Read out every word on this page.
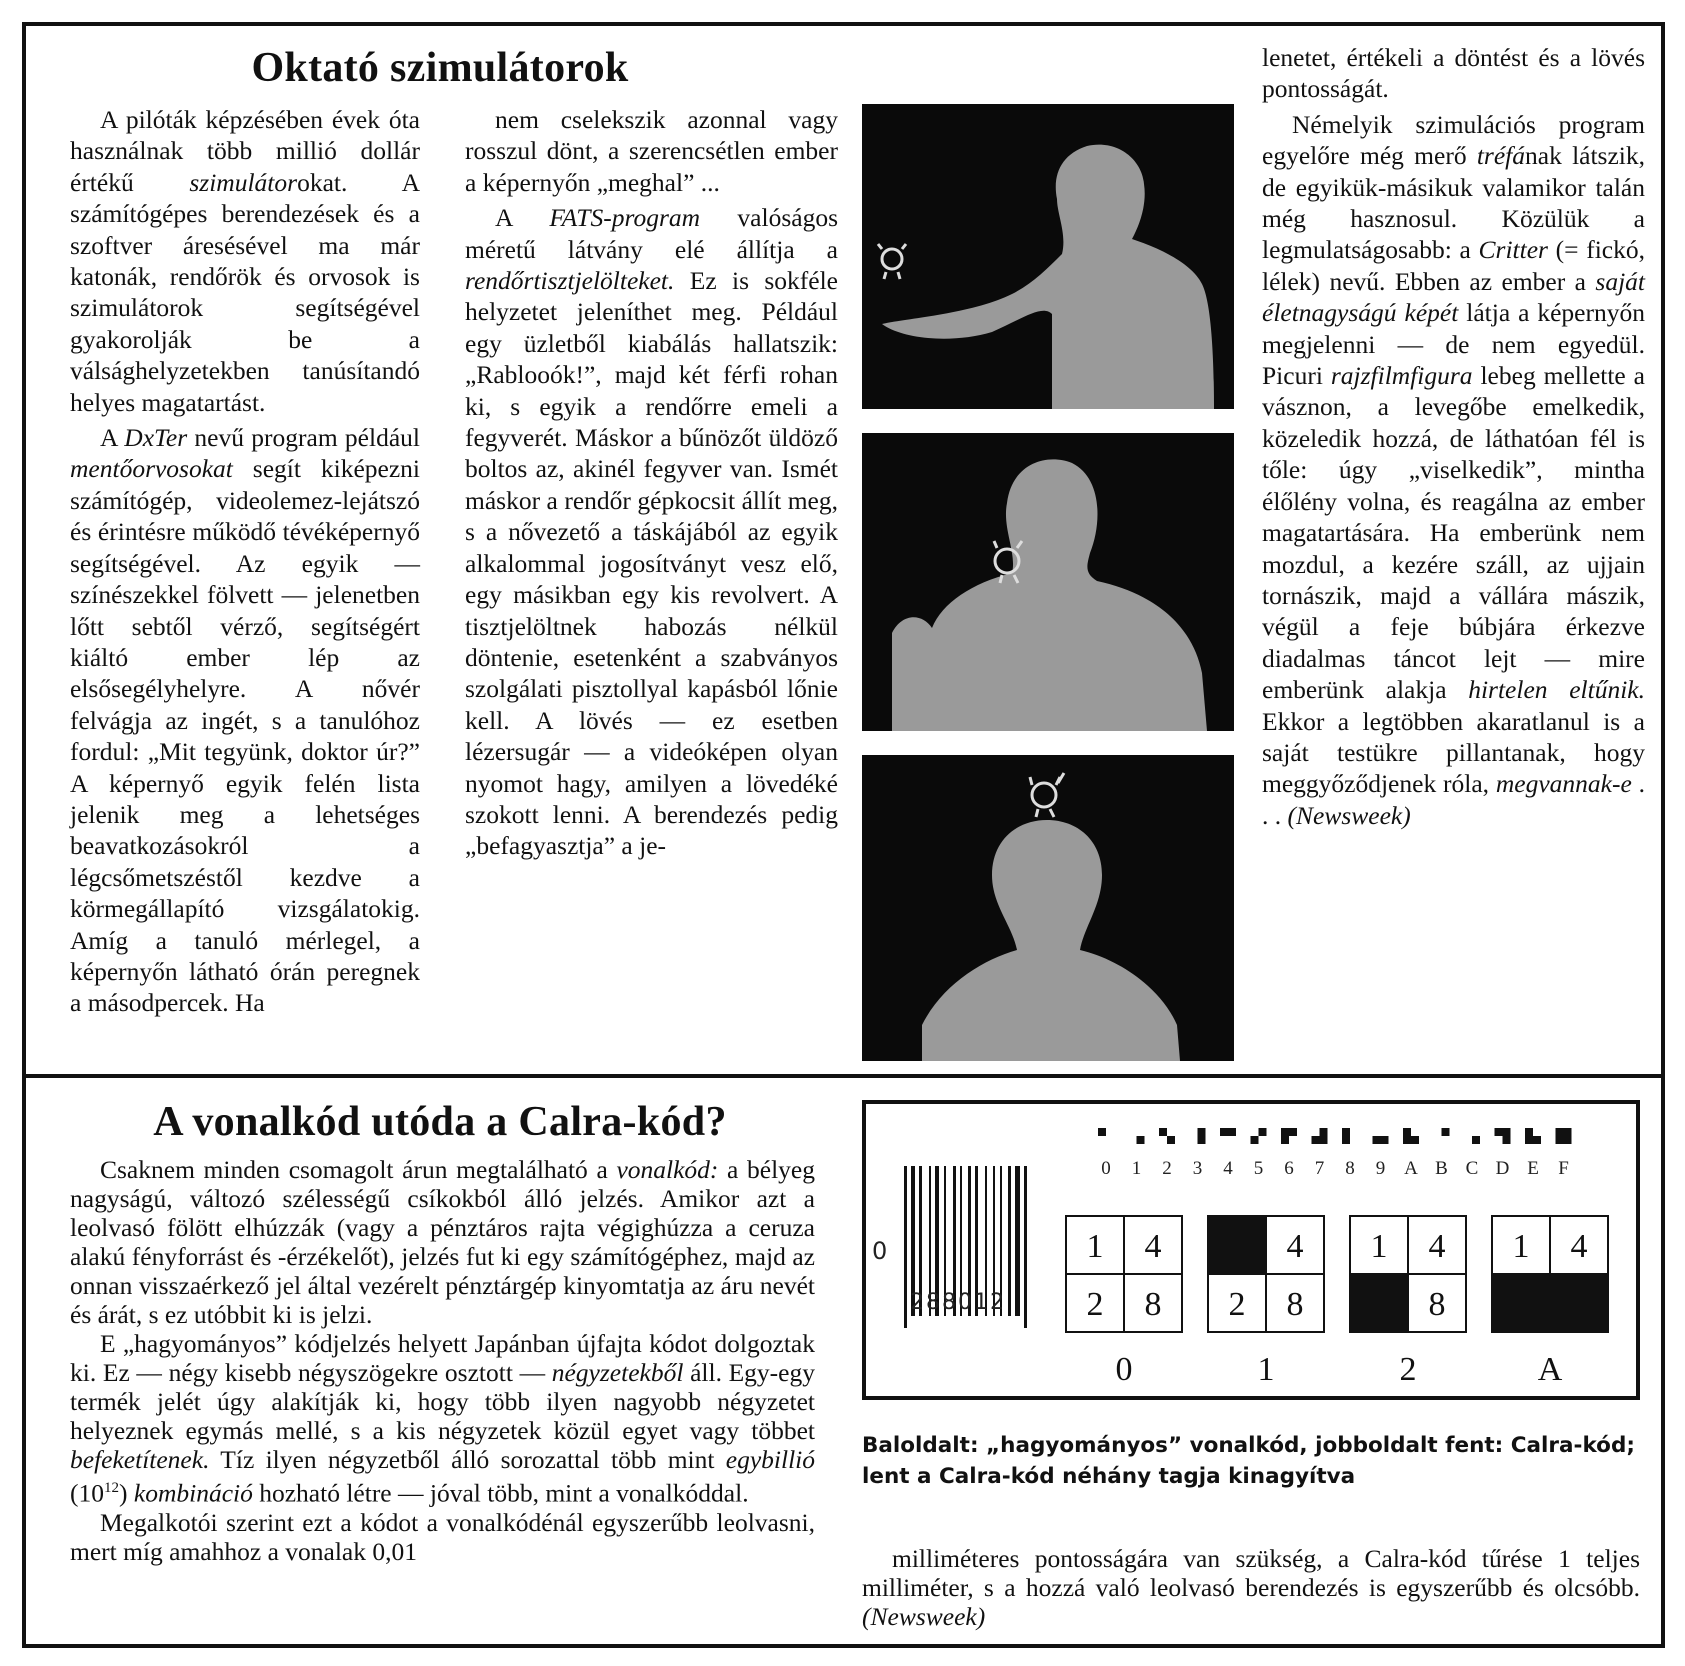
Oktató szimulátorok

A pilóták képzésében évek óta használnak több millió dollár értékű szimulátorokat. A számítógépes berendezések és a szoftver áresésével ma már katonák, rendőrök és orvosok is szimulátorok segítségével gyakorolják be a válsághelyzetekben tanúsítandó helyes magatartást.

A DxTer nevű program például mentőorvosokat segít kiképezni számítógép, videolemez-lejátszó és érintésre működő tévéképernyő segítségével. Az egyik — színészekkel fölvett — jelenetben lőtt sebtől vérző, segítségért kiáltó ember lép az elsősegélyhelyre. A nővér felvágja az ingét, s a tanulóhoz fordul: „Mit tegyünk, doktor úr?” A képernyő egyik felén lista jelenik meg a lehetséges beavatkozásokról a légcsőmetszéstől kezdve a körmegállapító vizsgálatokig. Amíg a tanuló mérlegel, a képernyőn látható órán peregnek a másodpercek. Ha

nem cselekszik azonnal vagy rosszul dönt, a szerencsétlen ember a képernyőn „meghal” ...

A FATS-program valóságos méretű látvány elé állítja a rendőrtisztjelölteket. Ez is sokféle helyzetet jeleníthet meg. Például egy üzletből kiabálás hallatszik: „Rablooók!”, majd két férfi rohan ki, s egyik a rendőrre emeli a fegyverét. Máskor a bűnözőt üldöző boltos az, akinél fegyver van. Ismét máskor a rendőr gépkocsit állít meg, s a nővezető a táskájából az egyik alkalommal jogosítványt vesz elő, egy másikban egy kis revolvert. A tisztjelöltnek habozás nélkül döntenie, esetenként a szabványos szolgálati pisztollyal kapásból lőnie kell. A lövés — ez esetben lézersugár — a videóképen olyan nyomot hagy, amilyen a lövedéké szokott lenni. A berendezés pedig „befagyasztja” a je-

lenetet, értékeli a döntést és a lövés pontosságát.

Némelyik szimulációs program egyelőre még merő tréfának látszik, de egyikük-másikuk valamikor talán még hasznosul. Közülük a legmulatságosabb: a Critter (= fickó, lélek) nevű. Ebben az ember a saját életnagyságú képét látja a képernyőn megjelenni — de nem egyedül. Picuri rajzfilmfigura lebeg mellette a vásznon, a levegőbe emelkedik, közeledik hozzá, de láthatóan fél is tőle: úgy „viselkedik”, mintha élőlény volna, és reagálna az ember magatartására. Ha emberünk nem mozdul, a kezére száll, az ujjain tornászik, majd a vállára mászik, végül a feje búbjára érkezve diadalmas táncot lejt — mire emberünk alakja hirtelen eltűnik. Ekkor a legtöbben akaratlanul is a saját testükre pillantanak, hogy meggyőződjenek róla, megvannak-e . . . (Newsweek)

A vonalkód utóda a Calra-kód?

Csaknem minden csomagolt árun megtalálható a vonalkód: a bélyeg nagyságú, változó szélességű csíkokból álló jelzés. Amikor azt a leolvasó fölött elhúzzák (vagy a pénztáros rajta végighúzza a ceruza alakú fényforrást és -érzékelőt), jelzés fut ki egy számítógéphez, majd az onnan visszaérkező jel által vezérelt pénztárgép kinyomtatja az áru nevét és árát, s ez utóbbit ki is jelzi.

E „hagyományos” kódjelzés helyett Japánban újfajta kódot dolgoztak ki. Ez — négy kisebb négyszögekre osztott — négyzetekből áll. Egy-egy termék jelét úgy alakítják ki, hogy több ilyen nagyobb négyzetet helyeznek egymás mellé, s a kis négyzetek közül egyet vagy többet befeketítenek. Tíz ilyen négyzetből álló sorozattal több mint egybillió $(10^{12})$ kombináció hozható létre — jóval több, mint a vonalkóddal.

Megalkotói szerint ezt a kódot a vonalkódénál egyszerűbb leolvasni, mert míg amahhoz a vonalak 0,01	milliméteres pontosságára van szükség, a Calra-kód tűrése 1 teljes milliméter, s a hozzá való leolvasó berendezés is egyszerűbb és olcsóbb. (Newsweek)

0
288012
0 1 2 3 4 5 6 7 8 9 A B C D E F
1 4
2 8
0
4
2 8
1
1 4
8
2
1 4
A
Baloldalt: „hagyományos” vonalkód, jobboldalt fent: Calra-kód; lent a Calra-kód néhány tagja kinagyítva
